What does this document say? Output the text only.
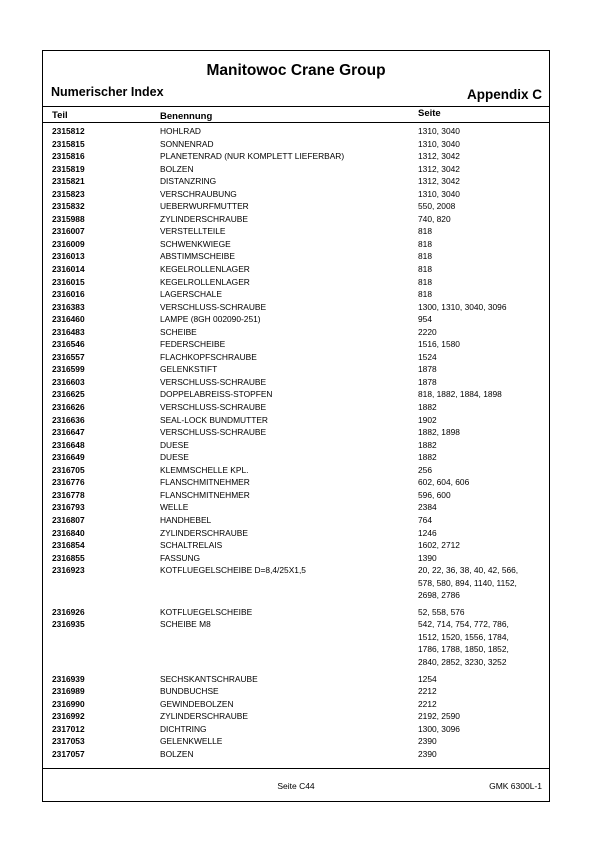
Manitowoc Crane Group
Numerischer Index	Appendix C
Teil	Benennung	Seite
2315812	HOHLRAD	1310, 3040
2315815	SONNENRAD	1310, 3040
2315816	PLANETENRAD (NUR KOMPLETT LIEFERBAR)	1312, 3042
2315819	BOLZEN	1312, 3042
2315821	DISTANZRING	1312, 3042
2315823	VERSCHRAUBUNG	1310, 3040
2315832	UEBERWURFMUTTER	550, 2008
2315988	ZYLINDERSCHRAUBE	740, 820
2316007	VERSTELLTEILE	818
2316009	SCHWENKWIEGE	818
2316013	ABSTIMMSCHEIBE	818
2316014	KEGELROLLENLAGER	818
2316015	KEGELROLLENLAGER	818
2316016	LAGERSCHALE	818
2316383	VERSCHLUSS-SCHRAUBE	1300, 1310, 3040, 3096
2316460	LAMPE (8GH 002090-251)	954
2316483	SCHEIBE	2220
2316546	FEDERSCHEIBE	1516, 1580
2316557	FLACHKOPFSCHRAUBE	1524
2316599	GELENKSTIFT	1878
2316603	VERSCHLUSS-SCHRAUBE	1878
2316625	DOPPELABREISS-STOPFEN	818, 1882, 1884, 1898
2316626	VERSCHLUSS-SCHRAUBE	1882
2316636	SEAL-LOCK BUNDMUTTER	1902
2316647	VERSCHLUSS-SCHRAUBE	1882, 1898
2316648	DUESE	1882
2316649	DUESE	1882
2316705	KLEMMSCHELLE KPL.	256
2316776	FLANSCHMITNEHMER	602, 604, 606
2316778	FLANSCHMITNEHMER	596, 600
2316793	WELLE	2384
2316807	HANDHEBEL	764
2316840	ZYLINDERSCHRAUBE	1246
2316854	SCHALTRELAIS	1602, 2712
2316855	FASSUNG	1390
2316923	KOTFLUEGELSCHEIBE D=8,4/25X1,5	20, 22, 36, 38, 40, 42, 566,
578, 580, 894, 1140, 1152,
2698, 2786
2316926	KOTFLUEGELSCHEIBE	52, 558, 576
2316935	SCHEIBE M8	542, 714, 754, 772, 786,
1512, 1520, 1556, 1784,
1786, 1788, 1850, 1852,
2840, 2852, 3230, 3252
2316939	SECHSKANTSCHRAUBE	1254
2316989	BUNDBUCHSE	2212
2316990	GEWINDEBOLZEN	2212
2316992	ZYLINDERSCHRAUBE	2192, 2590
2317012	DICHTRING	1300, 3096
2317053	GELENKWELLE	2390
2317057	BOLZEN	2390
Seite C44	GMK 6300L-1
